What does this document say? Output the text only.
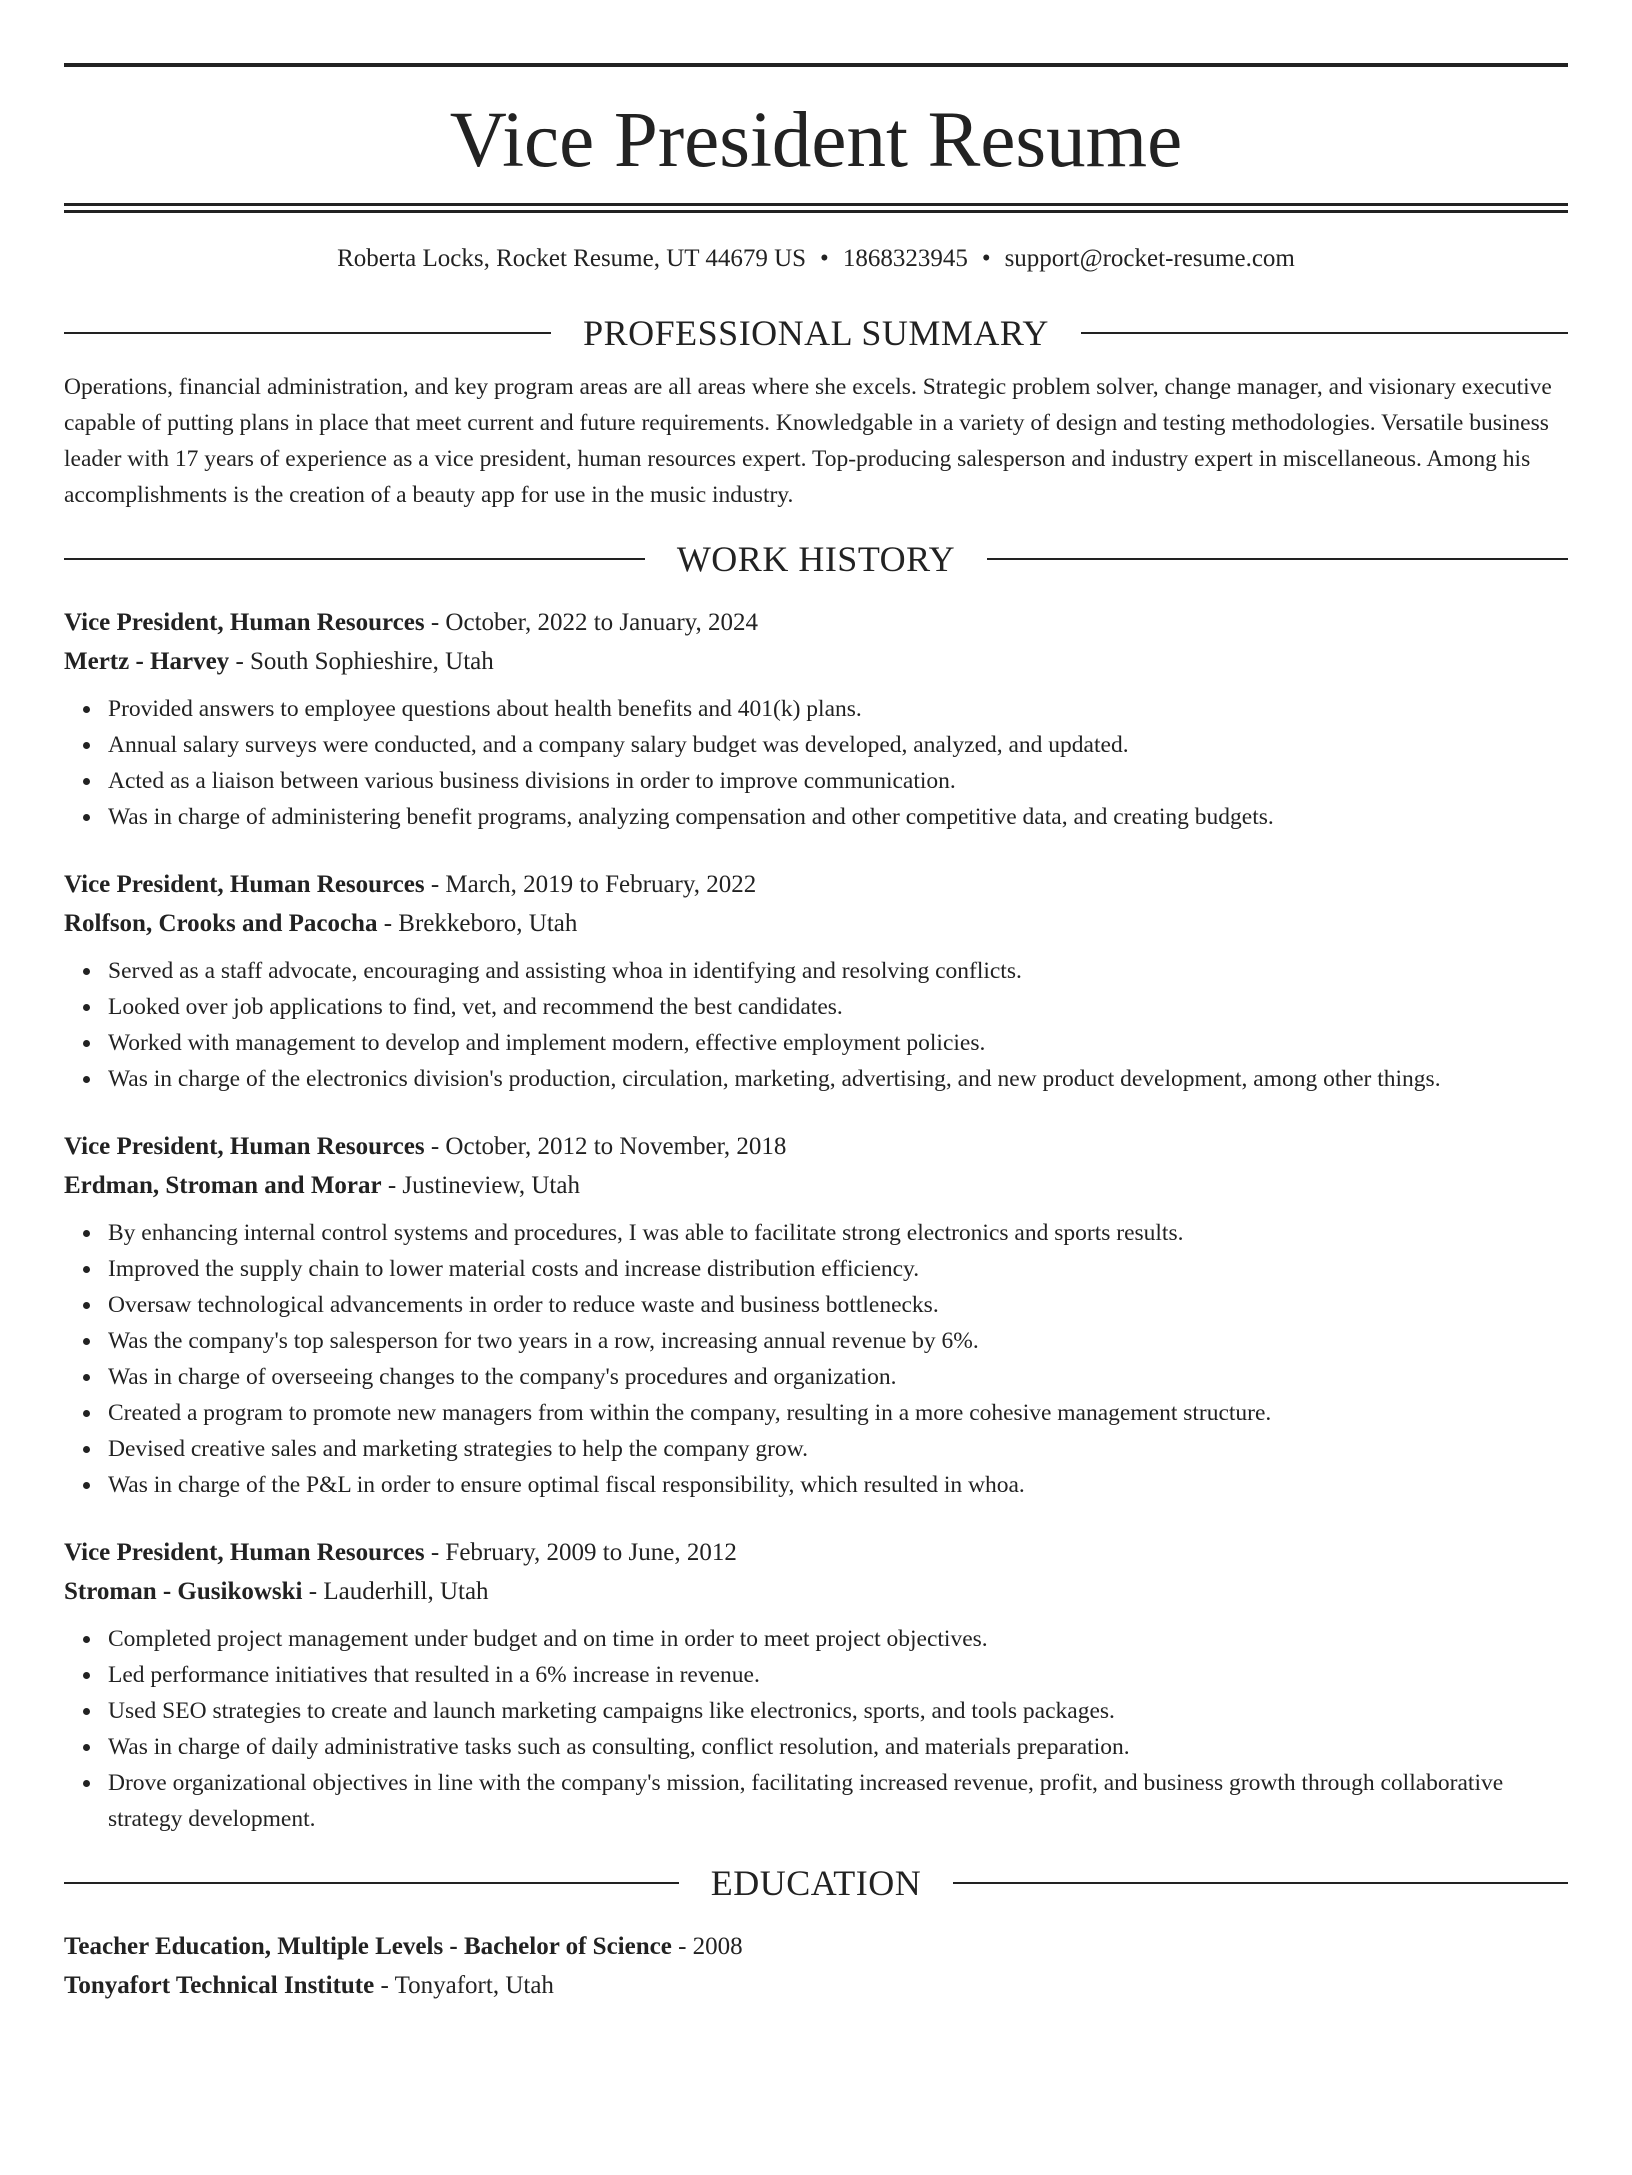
Vice President Resume
Roberta Locks, Rocket Resume, UT 44679 US • 1868323945 • support@rocket-resume.com
PROFESSIONAL SUMMARY

Operations, financial administration, and key program areas are all areas where she excels. Strategic problem solver, change manager, and visionary executive capable of putting plans in place that meet current and future requirements. Knowledgable in a variety of design and testing methodologies. Versatile business leader with 17 years of experience as a vice president, human resources expert. Top-producing salesperson and industry expert in miscellaneous. Among his accomplishments is the creation of a beauty app for use in the music industry.

WORK HISTORY
Vice President, Human Resources - October, 2022 to January, 2024
Mertz - Harvey - South Sophieshire, Utah
Provided answers to employee questions about health benefits and 401(k) plans.
Annual salary surveys were conducted, and a company salary budget was developed, analyzed, and updated.
Acted as a liaison between various business divisions in order to improve communication.
Was in charge of administering benefit programs, analyzing compensation and other competitive data, and creating budgets.
Vice President, Human Resources - March, 2019 to February, 2022
Rolfson, Crooks and Pacocha - Brekkeboro, Utah
Served as a staff advocate, encouraging and assisting whoa in identifying and resolving conflicts.
Looked over job applications to find, vet, and recommend the best candidates.
Worked with management to develop and implement modern, effective employment policies.
Was in charge of the electronics division's production, circulation, marketing, advertising, and new product development, among other things.
Vice President, Human Resources - October, 2012 to November, 2018
Erdman, Stroman and Morar - Justineview, Utah
By enhancing internal control systems and procedures, I was able to facilitate strong electronics and sports results.
Improved the supply chain to lower material costs and increase distribution efficiency.
Oversaw technological advancements in order to reduce waste and business bottlenecks.
Was the company's top salesperson for two years in a row, increasing annual revenue by 6%.
Was in charge of overseeing changes to the company's procedures and organization.
Created a program to promote new managers from within the company, resulting in a more cohesive management structure.
Devised creative sales and marketing strategies to help the company grow.
Was in charge of the P&L in order to ensure optimal fiscal responsibility, which resulted in whoa.
Vice President, Human Resources - February, 2009 to June, 2012
Stroman - Gusikowski - Lauderhill, Utah
Completed project management under budget and on time in order to meet project objectives.
Led performance initiatives that resulted in a 6% increase in revenue.
Used SEO strategies to create and launch marketing campaigns like electronics, sports, and tools packages.
Was in charge of daily administrative tasks such as consulting, conflict resolution, and materials preparation.
Drove organizational objectives in line with the company's mission, facilitating increased revenue, profit, and business growth through collaborative strategy development.
EDUCATION
Teacher Education, Multiple Levels - Bachelor of Science - 2008
Tonyafort Technical Institute - Tonyafort, Utah
